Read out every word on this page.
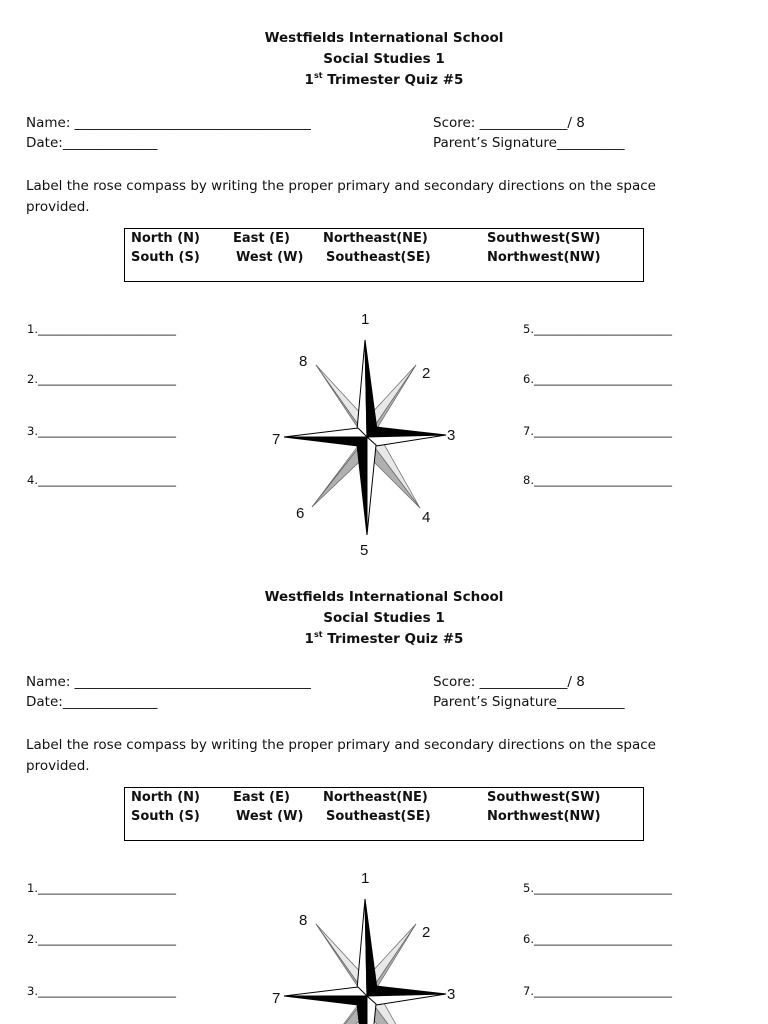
Westfields International School
Social Studies 1
1st Trimester Quiz #5
Name: ___________________________________	Score: _____________/ 8
Date:______________	Parent’s Signature__________
Label the rose compass by writing the proper primary and secondary directions on the space provided.
North (N)	East (E)	Northeast(NE)	Southwest(SW)
South (S)	West (W) Southeast(SE)	Northwest(NW)
1.________________________
2.________________________
3.________________________
4.________________________
5.________________________
6.________________________
7.________________________
8.________________________
1
2
3
4
5
6
7
8
Westfields International School
Social Studies 1
1st Trimester Quiz #5
Name: ___________________________________	Score: _____________/ 8
Date:______________	Parent’s Signature__________
Label the rose compass by writing the proper primary and secondary directions on the space provided.
North (N)	East (E)	Northeast(NE)	Southwest(SW)
South (S)	West (W) Southeast(SE)	Northwest(NW)
1.________________________
2.________________________
3.________________________
5.________________________
6.________________________
7.________________________
1
2
3
8
7
